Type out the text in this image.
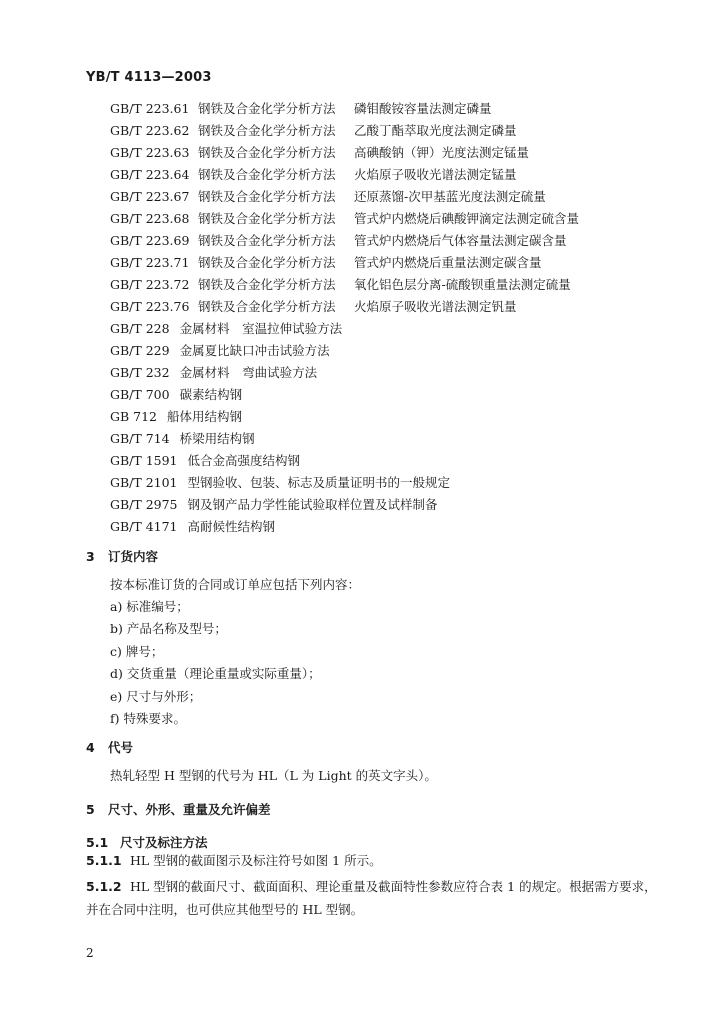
YB/T 4113—2003
GB/T 223.61 钢铁及合金化学分析方法 磷钼酸铵容量法测定磷量
GB/T 223.62 钢铁及合金化学分析方法 乙酸丁酯萃取光度法测定磷量
GB/T 223.63 钢铁及合金化学分析方法 高碘酸钠（钾）光度法测定锰量
GB/T 223.64 钢铁及合金化学分析方法 火焰原子吸收光谱法测定锰量
GB/T 223.67 钢铁及合金化学分析方法 还原蒸馏-次甲基蓝光度法测定硫量
GB/T 223.68 钢铁及合金化学分析方法 管式炉内燃烧后碘酸钾滴定法测定硫含量
GB/T 223.69 钢铁及合金化学分析方法 管式炉内燃烧后气体容量法测定碳含量
GB/T 223.71 钢铁及合金化学分析方法 管式炉内燃烧后重量法测定碳含量
GB/T 223.72 钢铁及合金化学分析方法 氧化铝色层分离-硫酸钡重量法测定硫量
GB/T 223.76 钢铁及合金化学分析方法 火焰原子吸收光谱法测定钒量
GB/T 228 金属材料　室温拉伸试验方法
GB/T 229 金属夏比缺口冲击试验方法
GB/T 232 金属材料　弯曲试验方法
GB/T 700 碳素结构钢
GB 712 船体用结构钢
GB/T 714 桥梁用结构钢
GB/T 1591 低合金高强度结构钢
GB/T 2101 型钢验收、包装、标志及质量证明书的一般规定
GB/T 2975 钢及钢产品力学性能试验取样位置及试样制备
GB/T 4171 高耐候性结构钢
3 订货内容
按本标准订货的合同或订单应包括下列内容：
a) 标准编号；
b) 产品名称及型号；
c) 牌号；
d) 交货重量（理论重量或实际重量）；
e) 尺寸与外形；
f) 特殊要求。
4 代号
热轧轻型 H 型钢的代号为 HL（L 为 Light 的英文字头）。
5 尺寸、外形、重量及允许偏差
5.1 尺寸及标注方法
5.1.1 HL 型钢的截面图示及标注符号如图 1 所示。
5.1.2 HL 型钢的截面尺寸、截面面积、理论重量及截面特性参数应符合表 1 的规定。根据需方要求，
并在合同中注明，也可供应其他型号的 HL 型钢。
2
